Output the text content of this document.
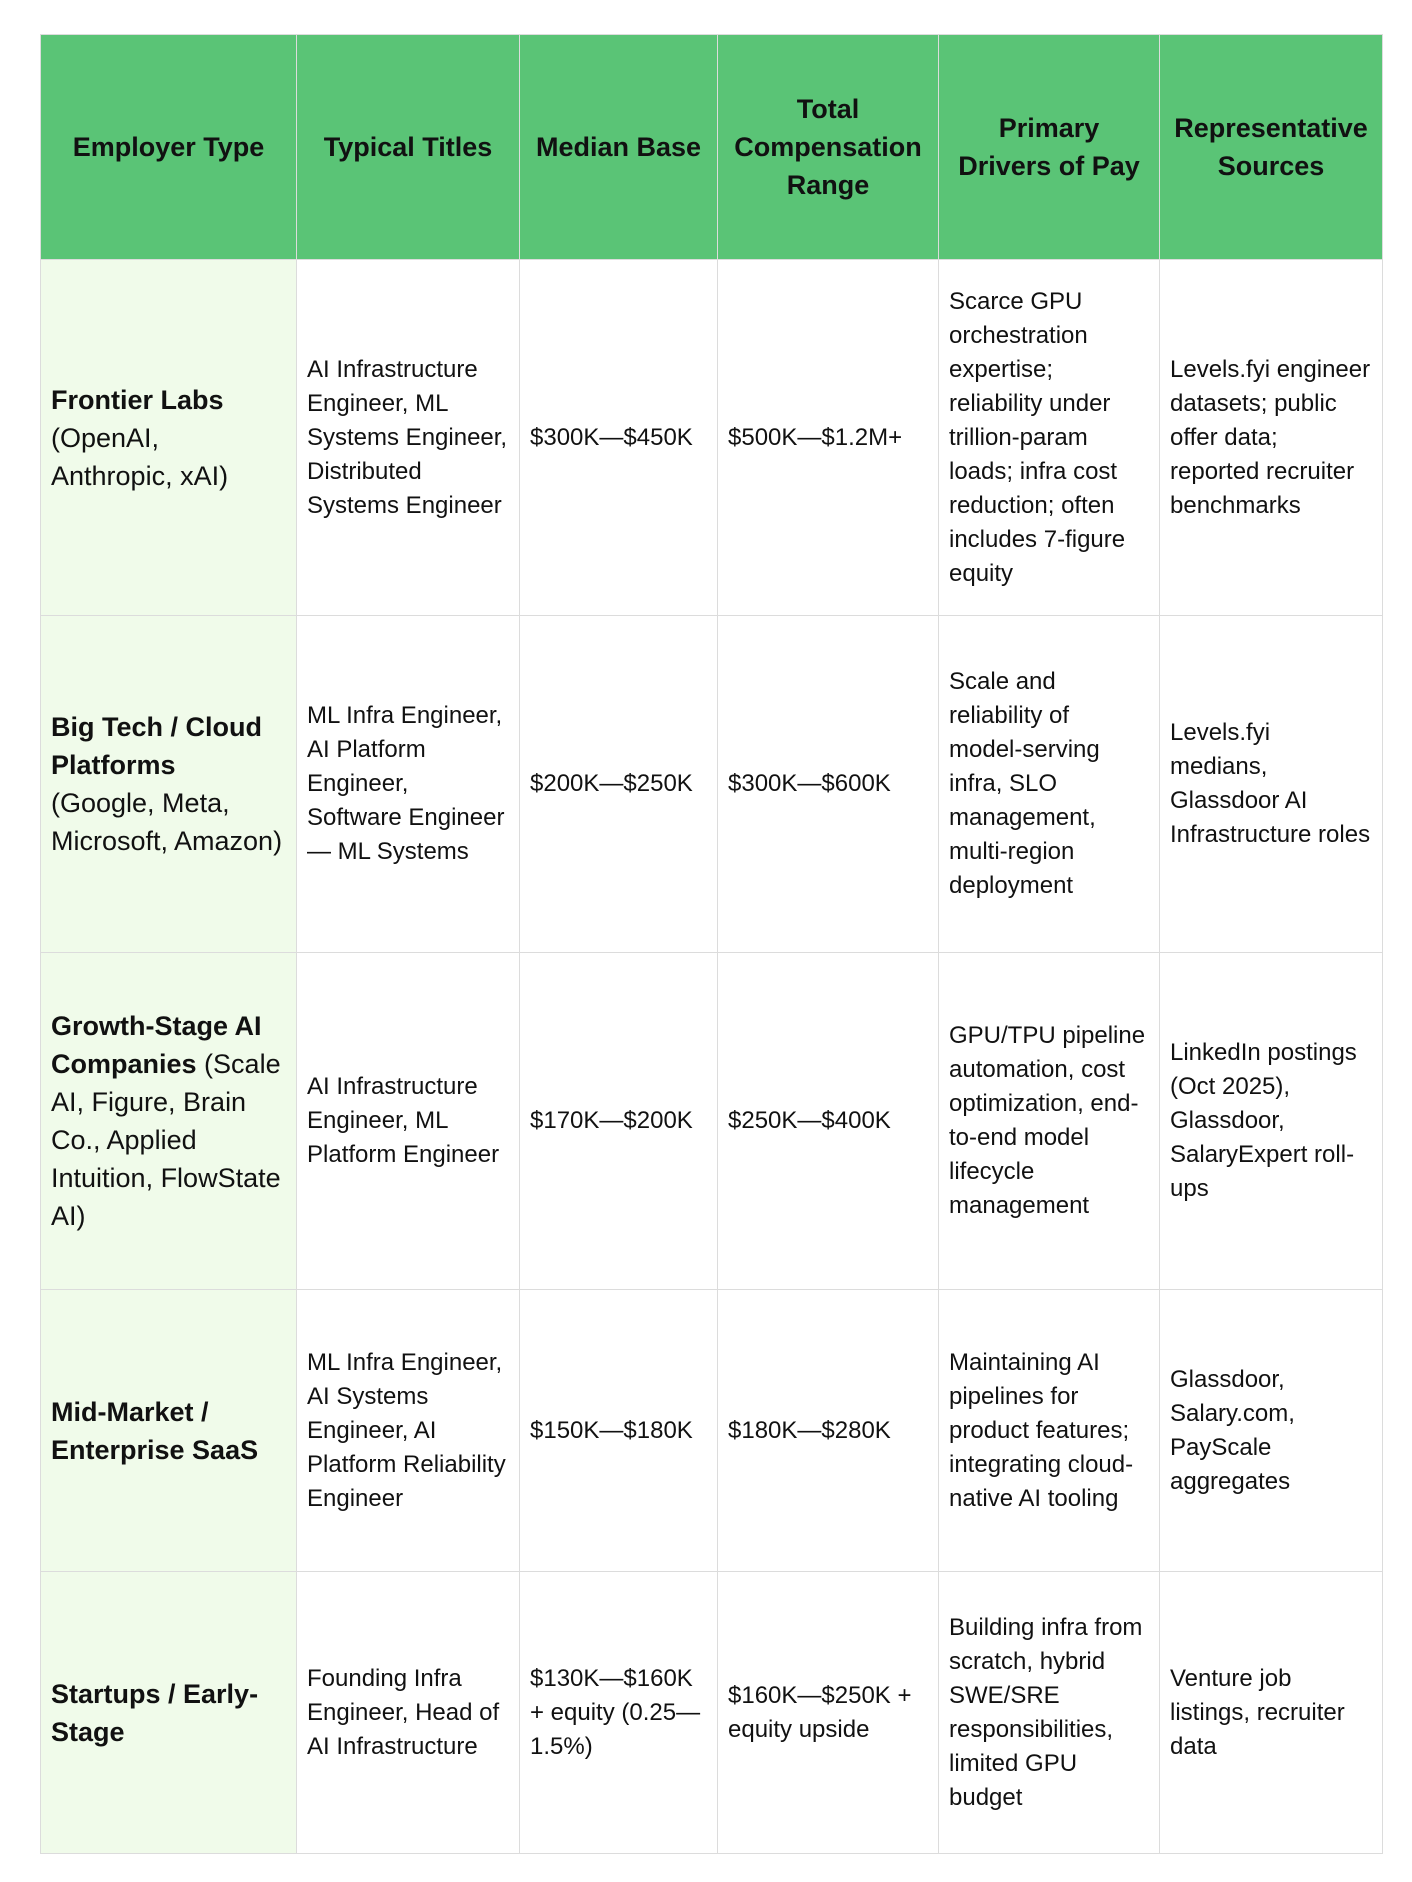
Employer Type	Typical Titles	Median Base	Total Compensation Range	Primary Drivers of Pay	Representative Sources
Frontier Labs (OpenAI, Anthropic, xAI)	AI Infrastructure Engineer, ML Systems Engineer, Distributed Systems Engineer	$300K—$450K	$500K—$1.2M+	Scarce GPU orchestration expertise; reliability under trillion-param loads; infra cost reduction; often includes 7-figure equity	Levels.fyi engineer datasets; public offer data; reported recruiter benchmarks
Big Tech / Cloud Platforms (Google, Meta, Microsoft, Amazon)	ML Infra Engineer, AI Platform Engineer, Software Engineer — ML Systems	$200K—$250K	$300K—$600K	Scale and reliability of model-serving infra, SLO management, multi-region deployment	Levels.fyi medians, Glassdoor AI Infrastructure roles
Growth-Stage AI Companies (Scale AI, Figure, Brain Co., Applied Intuition, FlowState AI)	AI Infrastructure Engineer, ML Platform Engineer	$170K—$200K	$250K—$400K	GPU/TPU pipeline automation, cost optimization, end-to-end model lifecycle management	LinkedIn postings (Oct 2025), Glassdoor, SalaryExpert roll-ups
Mid-Market / Enterprise SaaS	ML Infra Engineer, AI Systems Engineer, AI Platform Reliability Engineer	$150K—$180K	$180K—$280K	Maintaining AI pipelines for product features; integrating cloud-native AI tooling	Glassdoor, Salary.com, PayScale aggregates
Startups / Early-Stage	Founding Infra Engineer, Head of AI Infrastructure	$130K—$160K + equity (0.25—1.5%)	$160K—$250K + equity upside	Building infra from scratch, hybrid SWE/SRE responsibilities, limited GPU budget	Venture job listings, recruiter data
